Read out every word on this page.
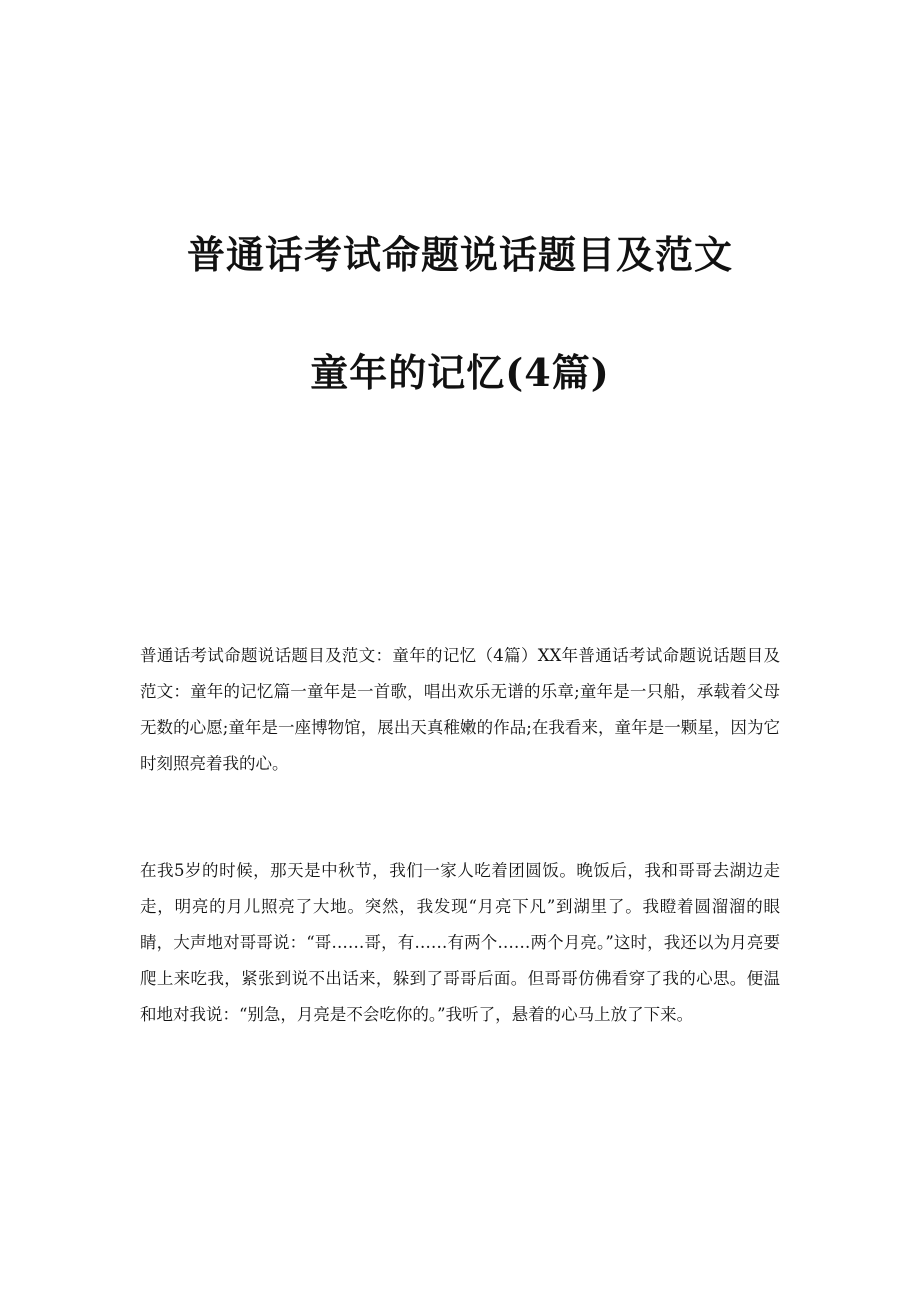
普通话考试命题说话题目及范文
童年的记忆(4篇)

普通话考试命题说话题目及范文：童年的记忆（4篇）XX年普通话考试命题说话题目及范文：童年的记忆篇一童年是一首歌，唱出欢乐无谱的乐章;童年是一只船，承载着父母无数的心愿;童年是一座博物馆，展出天真稚嫩的作品;在我看来，童年是一颗星，因为它时刻照亮着我的心。

在我5岁的时候，那天是中秋节，我们一家人吃着团圆饭。晚饭后，我和哥哥去湖边走走，明亮的月儿照亮了大地。突然，我发现“月亮下凡”到湖里了。我瞪着圆溜溜的眼睛，大声地对哥哥说：“哥……哥，有……有两个……两个月亮。”这时，我还以为月亮要爬上来吃我，紧张到说不出话来，躲到了哥哥后面。但哥哥仿佛看穿了我的心思。便温和地对我说：“别急，月亮是不会吃你的。”我听了，悬着的心马上放了下来。
